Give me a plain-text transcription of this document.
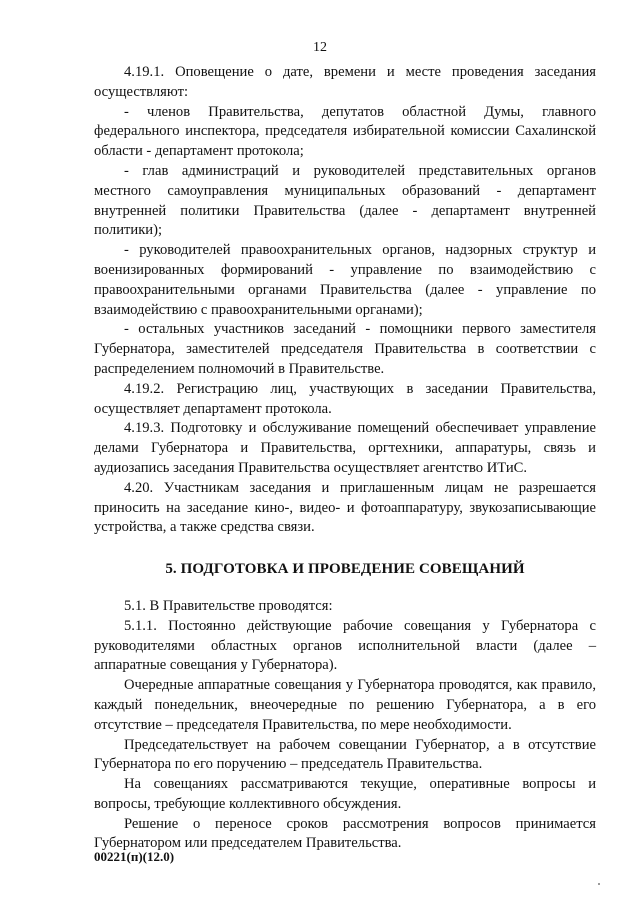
12

4.19.1. Оповещение о дате, времени и месте проведения заседания осуществляют:

- членов Правительства, депутатов областной Думы, главного федерального инспектора, председателя избирательной комиссии Сахалинской области - департамент протокола;

- глав администраций и руководителей представительных органов местного самоуправления муниципальных образований - департамент внутренней политики Правительства (далее - департамент внутренней политики);

- руководителей правоохранительных органов, надзорных структур и военизированных формирований - управление по взаимодействию с правоохранительными органами Правительства (далее - управление по взаимодействию с правоохранительными органами);

- остальных участников заседаний - помощники первого заместителя Губернатора, заместителей председателя Правительства в соответствии с распределением полномочий в Правительстве.

4.19.2. Регистрацию лиц, участвующих в заседании Правительства, осуществляет департамент протокола.

4.19.3. Подготовку и обслуживание помещений обеспечивает управление делами Губернатора и Правительства, оргтехники, аппаратуры, связь и аудиозапись заседания Правительства осуществляет агентство ИТиС.

4.20. Участникам заседания и приглашенным лицам не разрешается приносить на заседание кино-, видео- и фотоаппаратуру, звукозаписывающие устройства, а также средства связи.

5. ПОДГОТОВКА И ПРОВЕДЕНИЕ СОВЕЩАНИЙ

5.1. В Правительстве проводятся:

5.1.1. Постоянно действующие рабочие совещания у Губернатора с руководителями областных органов исполнительной власти (далее – аппаратные совещания у Губернатора).

Очередные аппаратные совещания у Губернатора проводятся, как правило, каждый понедельник, внеочередные по решению Губернатора, а в его отсутствие – председателя Правительства, по мере необходимости.

Председательствует на рабочем совещании Губернатор, а в отсутствие Губернатора по его поручению – председатель Правительства.

На совещаниях рассматриваются текущие, оперативные вопросы и вопросы, требующие коллективного обсуждения.

Решение о переносе сроков рассмотрения вопросов принимается Губернатором или председателем Правительства.

00221(п)(12.0)
